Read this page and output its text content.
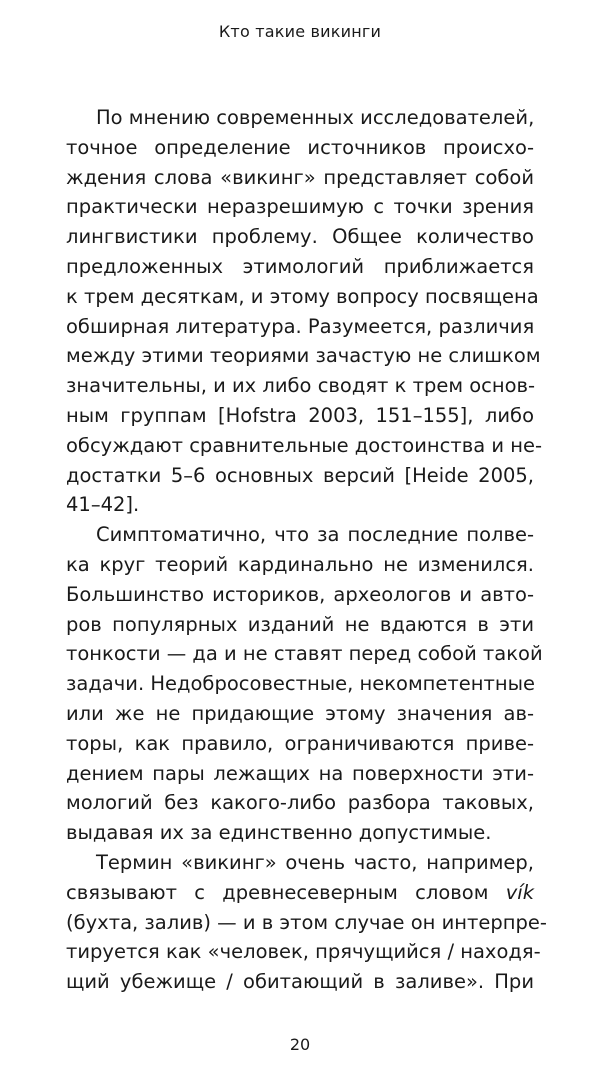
Кто такие викинги
По мнению современных исследователей,
точное определение источников происхо-
ждения слова «викинг» представляет собой
практически неразрешимую с точки зрения
лингвистики проблему. Общее количество
предложенных этимологий приближается
к трем десяткам, и этому вопросу посвящена
обширная литература. Разумеется, различия
между этими теориями зачастую не слишком
значительны, и их либо сводят к трем основ-
ным группам [Hofstra 2003, 151–155], либо
обсуждают сравнительные достоинства и не-
достатки 5–6 основных версий [Heide 2005,
41–42].
Симптоматично, что за последние полве-
ка круг теорий кардинально не изменился.
Большинство историков, археологов и авто-
ров популярных изданий не вдаются в эти
тонкости — да и не ставят перед собой такой
задачи. Недобросовестные, некомпетентные
или же не придающие этому значения ав-
торы, как правило, ограничиваются приве-
дением пары лежащих на поверхности эти-
мологий без какого-либо разбора таковых,
выдавая их за единственно допустимые.
Термин «викинг» очень часто, например,
связывают с древнесеверным словом vík
(бухта, залив) — и в этом случае он интерпре-
тируется как «человек, прячущийся / находя-
щий убежище / обитающий в заливе». При
20
